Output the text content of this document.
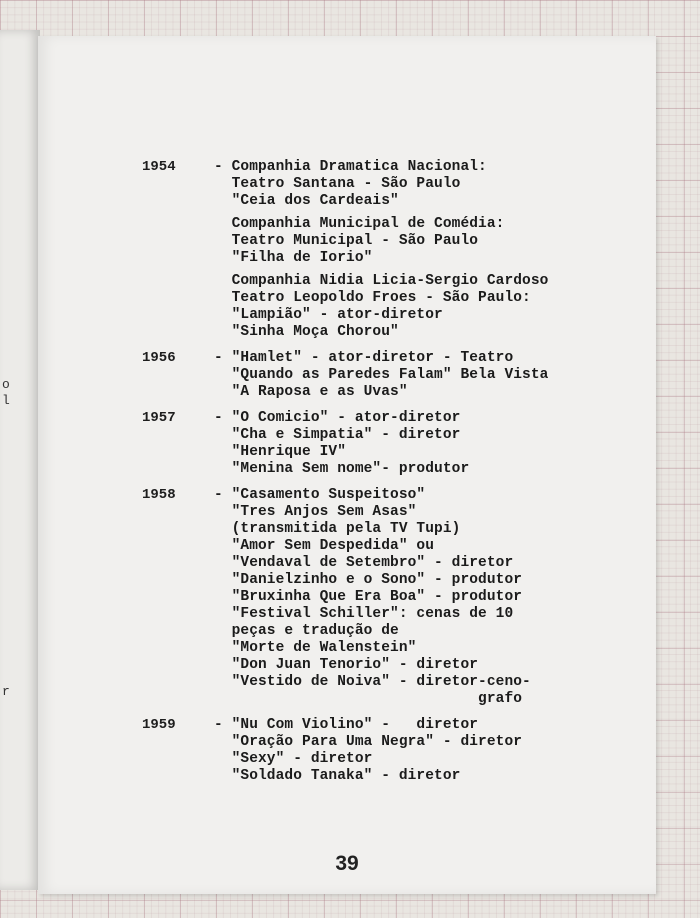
o
l
r
1954	- Companhia Dramatica Nacional:
Teatro Santana - São Paulo
"Ceia dos Cardeais"
Companhia Municipal de Comédia:
Teatro Municipal - São Paulo
"Filha de Iorio"
Companhia Nidia Licia-Sergio Cardoso
Teatro Leopoldo Froes - São Paulo:
"Lampião" - ator-diretor
"Sinha Moça Chorou"
1956	- "Hamlet" - ator-diretor - Teatro
"Quando as Paredes Falam" Bela Vista
"A Raposa e as Uvas"
1957	- "O Comicio" - ator-diretor
"Cha e Simpatia" - diretor
"Henrique IV"
"Menina Sem nome"- produtor
1958	- "Casamento Suspeitoso"
"Tres Anjos Sem Asas"
(transmitida pela TV Tupi)
"Amor Sem Despedida" ou
"Vendaval de Setembro" - diretor
"Danielzinho e o Sono" - produtor
"Bruxinha Que Era Boa" - produtor
"Festival Schiller": cenas de 10
peças e tradução de
"Morte de Walenstein"
"Don Juan Tenorio" - diretor
"Vestido de Noiva" - diretor-ceno-
grafo
1959	- "Nu Com Violino" -   diretor
"Oração Para Uma Negra" - diretor
"Sexy" - diretor
"Soldado Tanaka" - diretor
39
